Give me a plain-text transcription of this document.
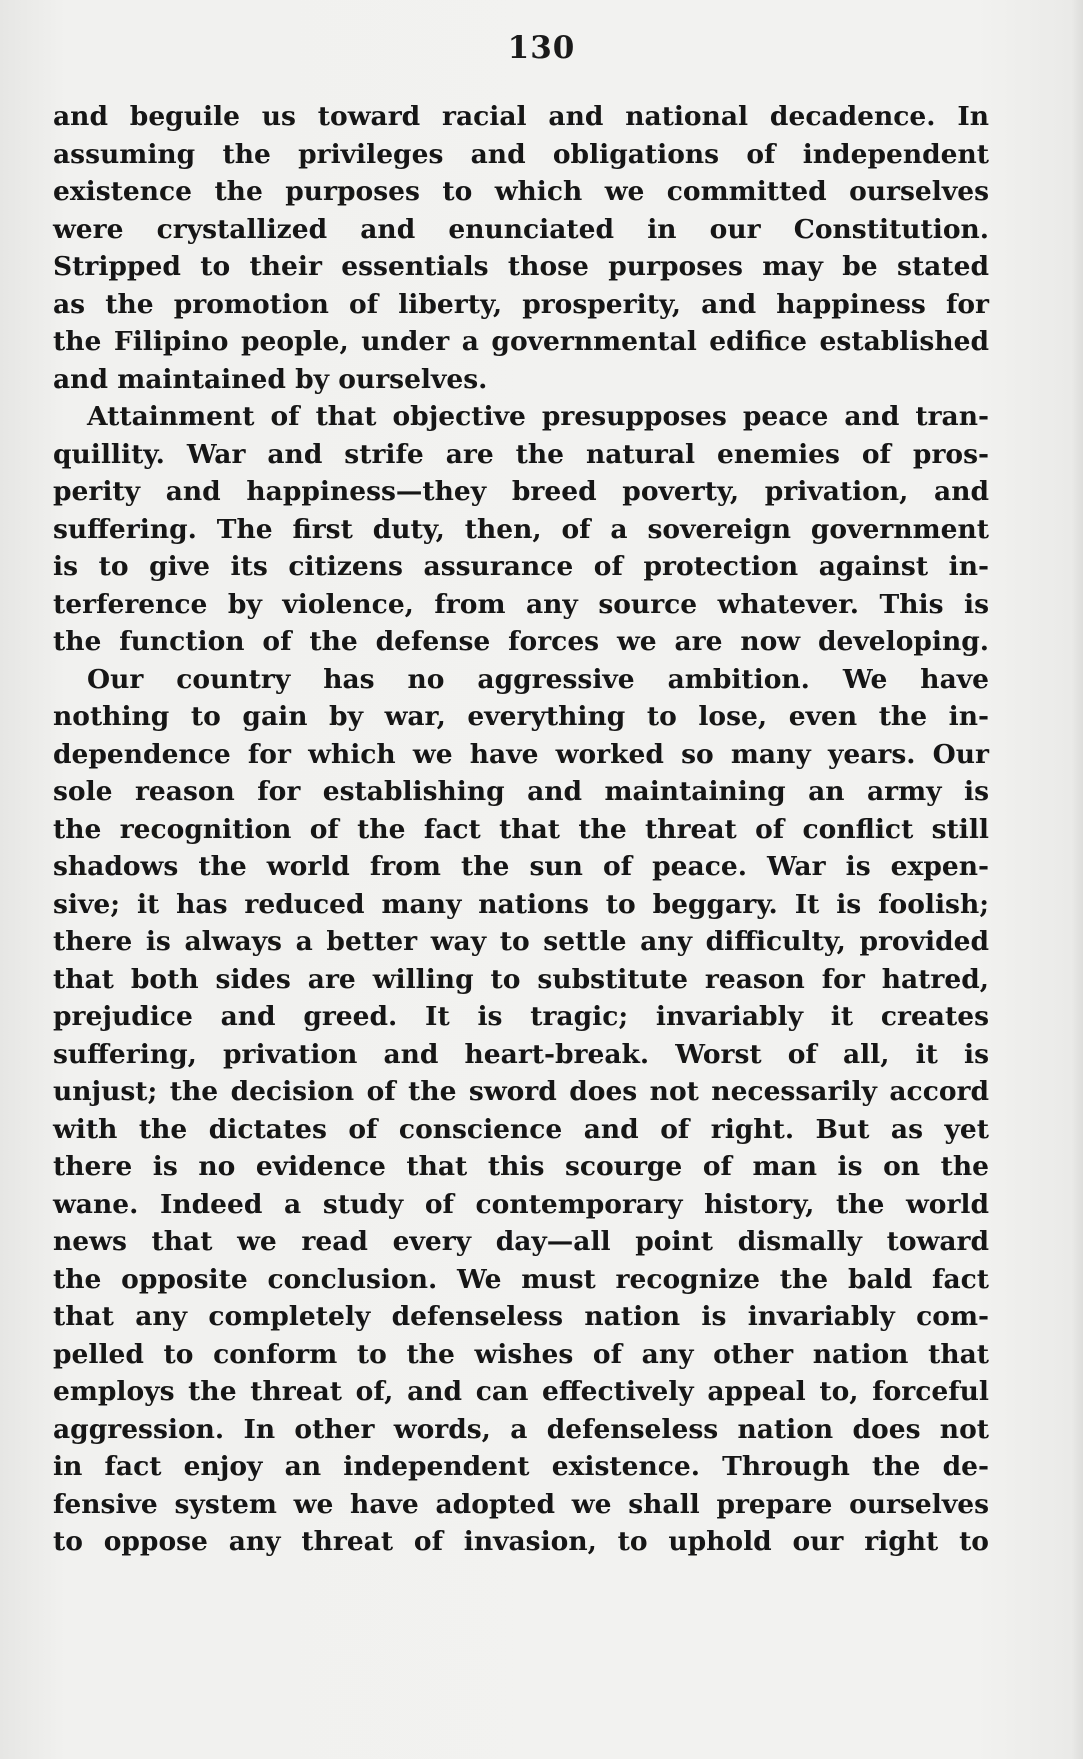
130

and beguile us toward racial and national decadence. In
assuming the privileges and obligations of independent
existence the purposes to which we committed ourselves
were crystallized and enunciated in our Constitution.
Stripped to their essentials those purposes may be stated
as the promotion of liberty, prosperity, and happiness for
the Filipino people, under a governmental edifice established
and maintained by ourselves.

Attainment of that objective presupposes peace and tran-
quillity. War and strife are the natural enemies of pros-
perity and happiness—they breed poverty, privation, and
suffering. The first duty, then, of a sovereign government
is to give its citizens assurance of protection against in-
terference by violence, from any source whatever. This is
the function of the defense forces we are now developing.

Our country has no aggressive ambition. We have
nothing to gain by war, everything to lose, even the in-
dependence for which we have worked so many years. Our
sole reason for establishing and maintaining an army is
the recognition of the fact that the threat of conflict still
shadows the world from the sun of peace. War is expen-
sive; it has reduced many nations to beggary. It is foolish;
there is always a better way to settle any difficulty, provided
that both sides are willing to substitute reason for hatred,
prejudice and greed. It is tragic; invariably it creates
suffering, privation and heart-break. Worst of all, it is
unjust; the decision of the sword does not necessarily accord
with the dictates of conscience and of right. But as yet
there is no evidence that this scourge of man is on the
wane. Indeed a study of contemporary history, the world
news that we read every day—all point dismally toward
the opposite conclusion. We must recognize the bald fact
that any completely defenseless nation is invariably com-
pelled to conform to the wishes of any other nation that
employs the threat of, and can effectively appeal to, forceful
aggression. In other words, a defenseless nation does not
in fact enjoy an independent existence. Through the de-
fensive system we have adopted we shall prepare ourselves
to oppose any threat of invasion, to uphold our right to
